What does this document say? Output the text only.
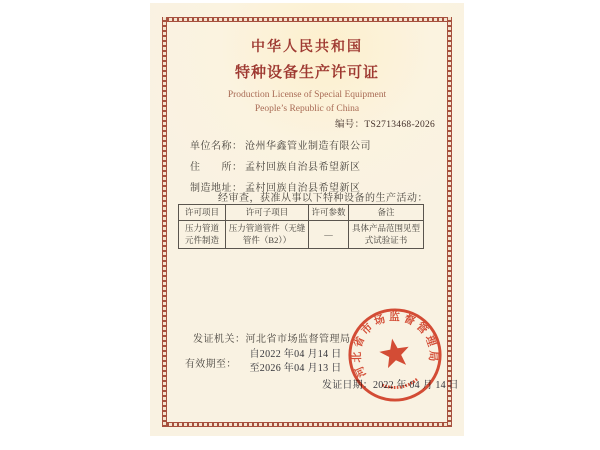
中华人民共和国
特种设备生产许可证
Production License of Special Equipment
People’s Republic of China
编号：TS2713468-2026
单位名称： 沧州华鑫管业制造有限公司
住　　所： 孟村回族自治县希望新区
制造地址： 孟村回族自治县希望新区
经审查，获准从事以下特种设备的生产活动：
许可项目	许可子项目	许可参数	备注
压力管道元件制造	压力管道管件（无缝管件（B2））	—	具体产品范围见型式试验证书
发证机关：河北省市场监督管理局
有效期至：
自2022 年04 月14 日
至2026 年04 月13 日
发证日期：2022 年 04 月 14 日
河北省市场监督管理局
